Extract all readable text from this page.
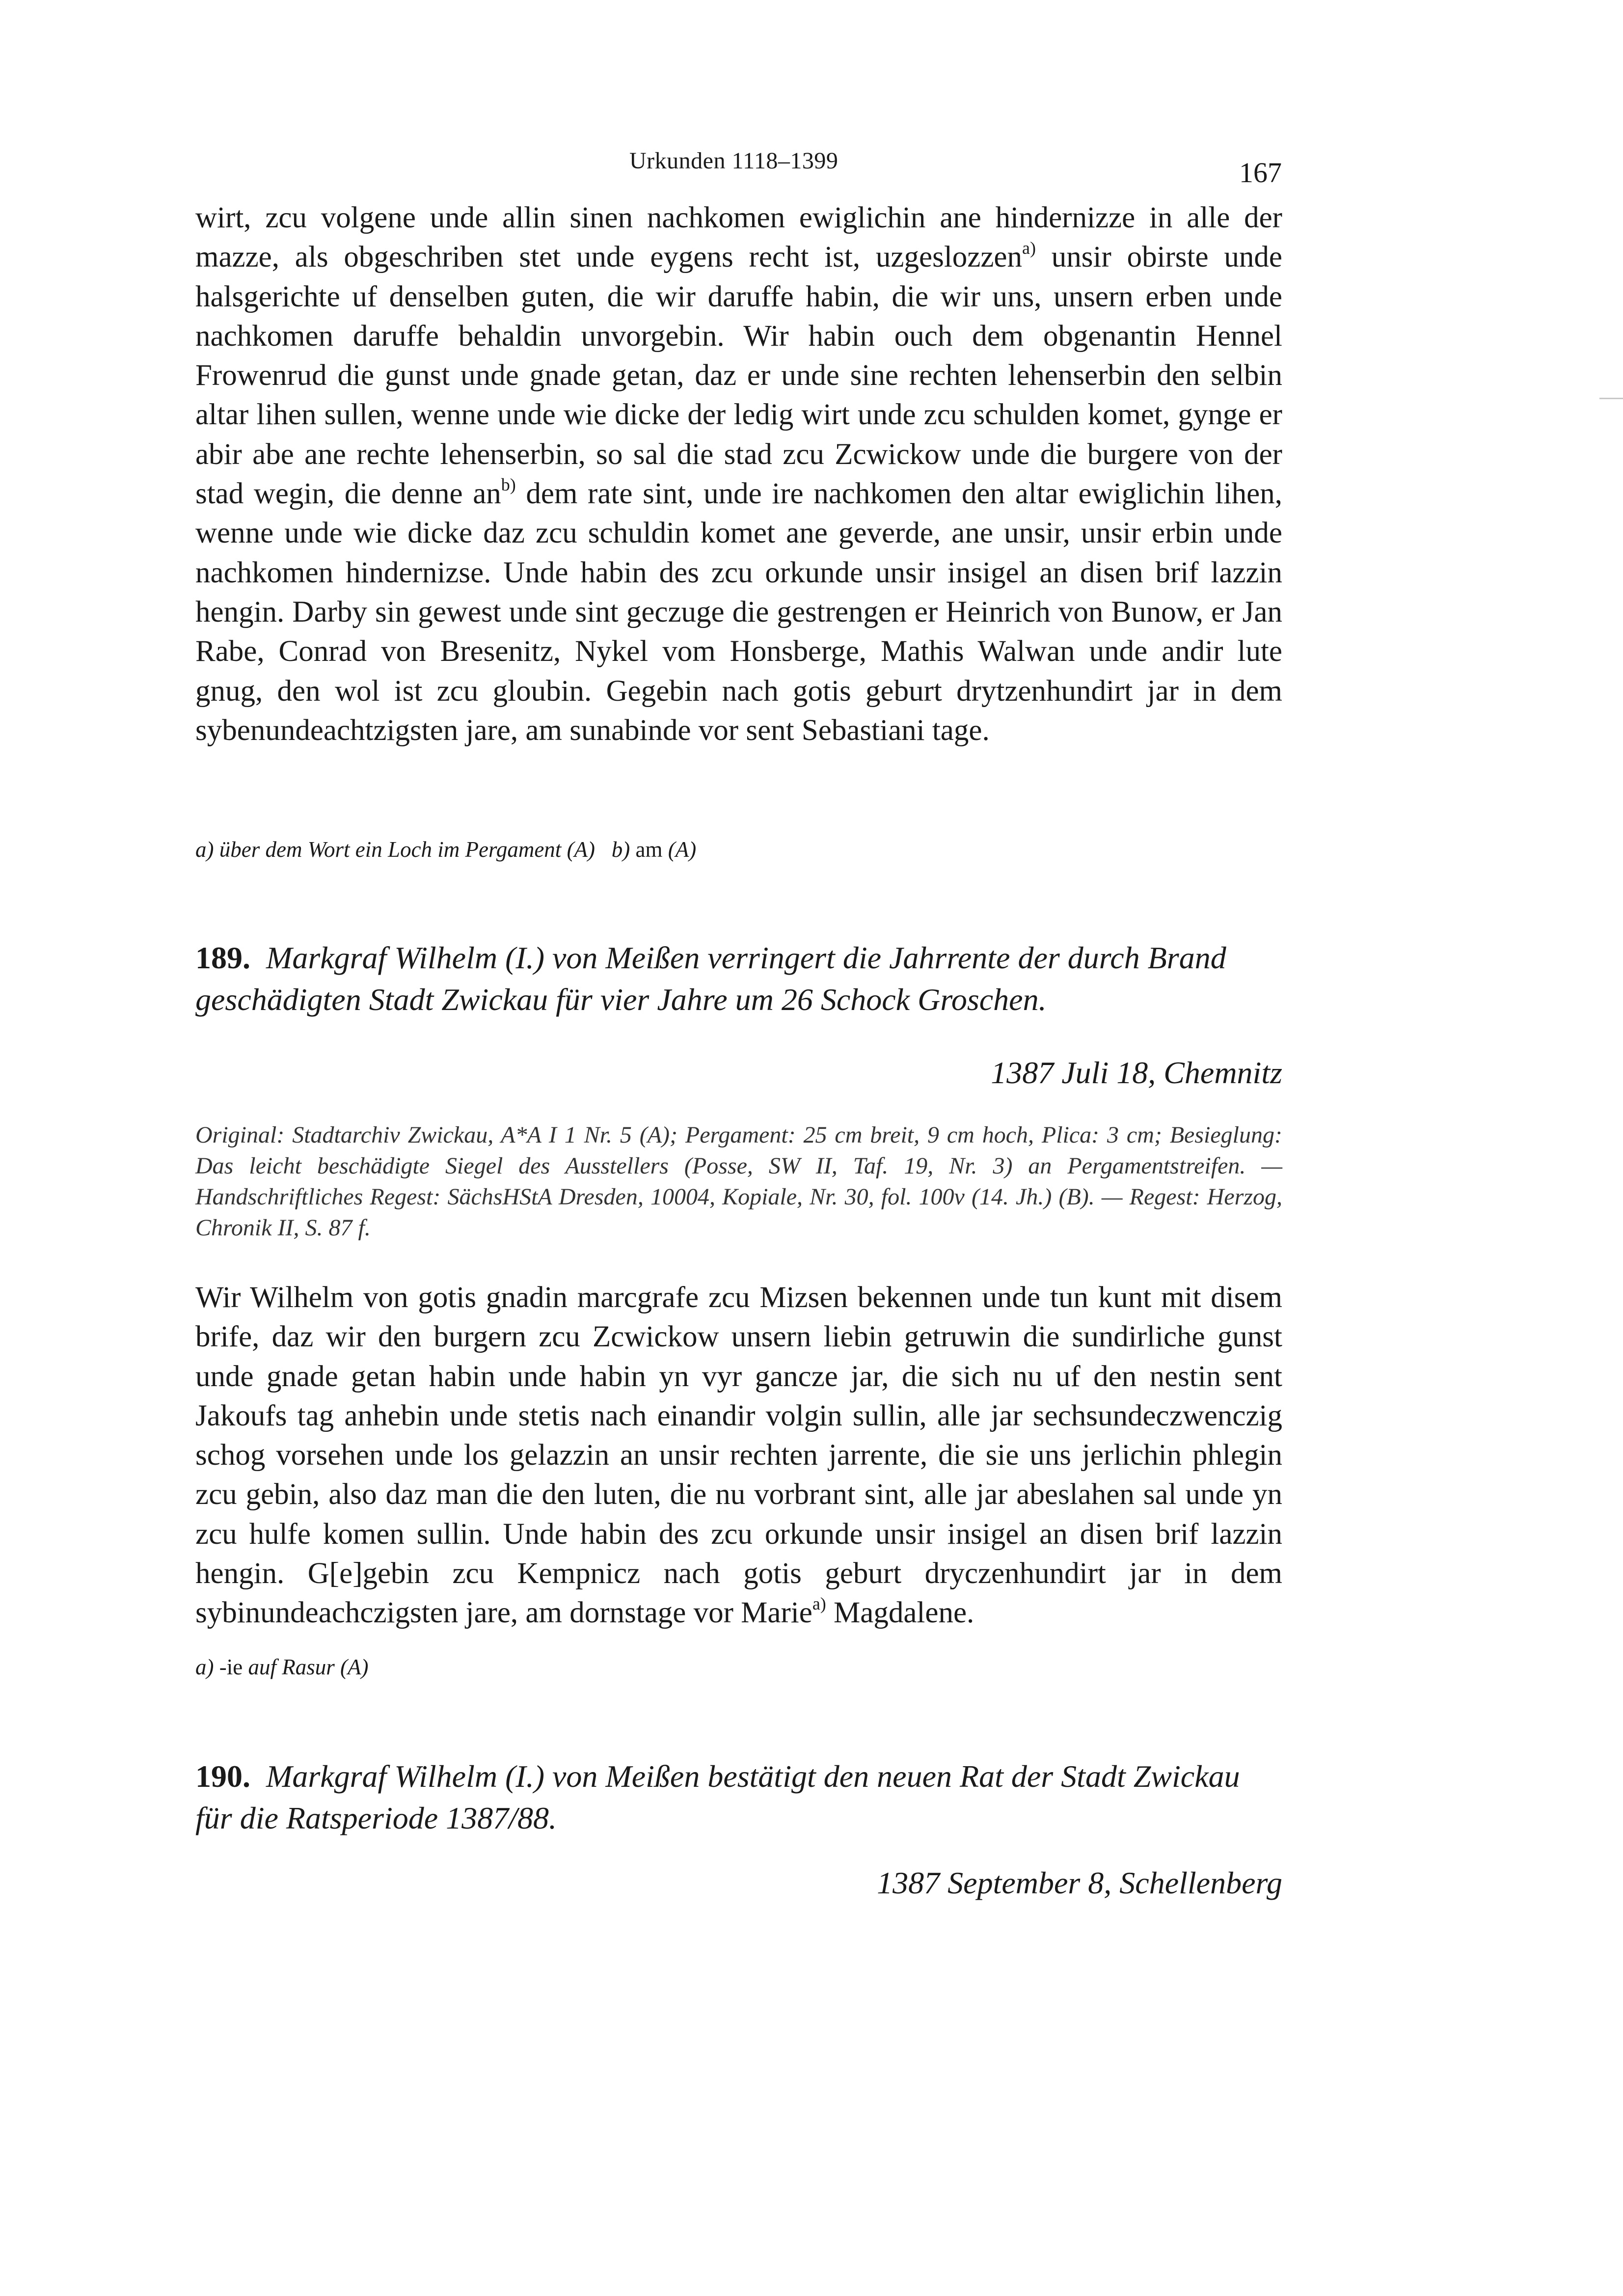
Urkunden 1118–1399	167

wirt, zcu volgene unde allin sinen nachkomen ewiglichin ane hindernizze in alle der mazze, als obgeschriben stet unde eygens recht ist, uzgeslozzen$^{a)}$ unsir obirste unde halsgerichte uf denselben guten, die wir daruffe habin, die wir uns, unsern erben unde nachkomen daruffe behaldin unvorgebin. Wir habin ouch dem obgenantin Hennel Frowenrud die gunst unde gnade getan, daz er unde sine rechten lehenserbin den selbin altar lihen sullen, wenne unde wie dicke der ledig wirt unde zcu schulden komet, gynge er abir abe ane rechte lehenserbin, so sal die stad zcu Zcwickow unde die burgere von der stad wegin, die denne $an^{b)}$ dem rate sint, unde ire nachkomen den altar ewiglichin lihen, wenne unde wie dicke daz zcu schuldin komet ane geverde, ane unsir, unsir erbin unde nachkomen hindernizse. Unde habin des zcu orkunde unsir insigel an disen brif lazzin hengin. Darby sin gewest unde sint geczuge die gestrengen er Heinrich von Bunow, er Jan Rabe, Conrad von Bresenitz, Nykel vom Honsberge, Mathis Walwan unde andir lute gnug, den wol ist zcu gloubin. Gegebin nach gotis geburt drytzenhundirt jar in dem sybenundeachtzigsten jare, am sunabinde vor sent Sebastiani tage.

a) über dem Wort ein Loch im Pergament (A) b) am (A)
189. Markgraf Wilhelm (I.) von Meißen verringert die Jahrrente der durch Brand geschädigten Stadt Zwickau für vier Jahre um 26 Schock Groschen.
1387 Juli 18, Chemnitz
Original: Stadtarchiv Zwickau, A*A I 1 Nr. 5 (A); Pergament: 25 cm breit, 9 cm hoch, Plica: 3 cm; Besieglung: Das leicht beschädigte Siegel des Ausstellers (Posse, SW II, Taf. 19, Nr. 3) an Pergamentstreifen. — Handschriftliches Regest: SächsHStA Dresden, 10004, Kopiale, Nr. 30, fol. 100v (14. Jh.) (B). — Regest: Herzog, Chronik II, S. 87 f.

Wir Wilhelm von gotis gnadin marcgrafe zcu Mizsen bekennen unde tun kunt mit disem brife, daz wir den burgern zcu Zcwickow unsern liebin getruwin die sundirliche gunst unde gnade getan habin unde habin yn vyr gancze jar, die sich nu uf den nestin sent Jakoufs tag anhebin unde stetis nach einandir volgin sullin, alle jar sechsundeczwenczig schog vorsehen unde los gelazzin an unsir rechten jarrente, die sie uns jerlichin phlegin zcu gebin, also daz man die den luten, die nu vorbrant sint, alle jar abeslahen sal unde yn zcu hulfe komen sullin. Unde habin des zcu orkunde unsir insigel an disen brif lazzin hengin. G[e]gebin zcu Kempnicz nach gotis geburt dryczenhundirt jar in dem sybinundeachczigsten jare, am dornstage vor Marie$^{a)}$ Magdalene.

a) -ie auf Rasur (A)
190. Markgraf Wilhelm (I.) von Meißen bestätigt den neuen Rat der Stadt Zwickau für die Ratsperiode 1387/88.
1387 September 8, Schellenberg
